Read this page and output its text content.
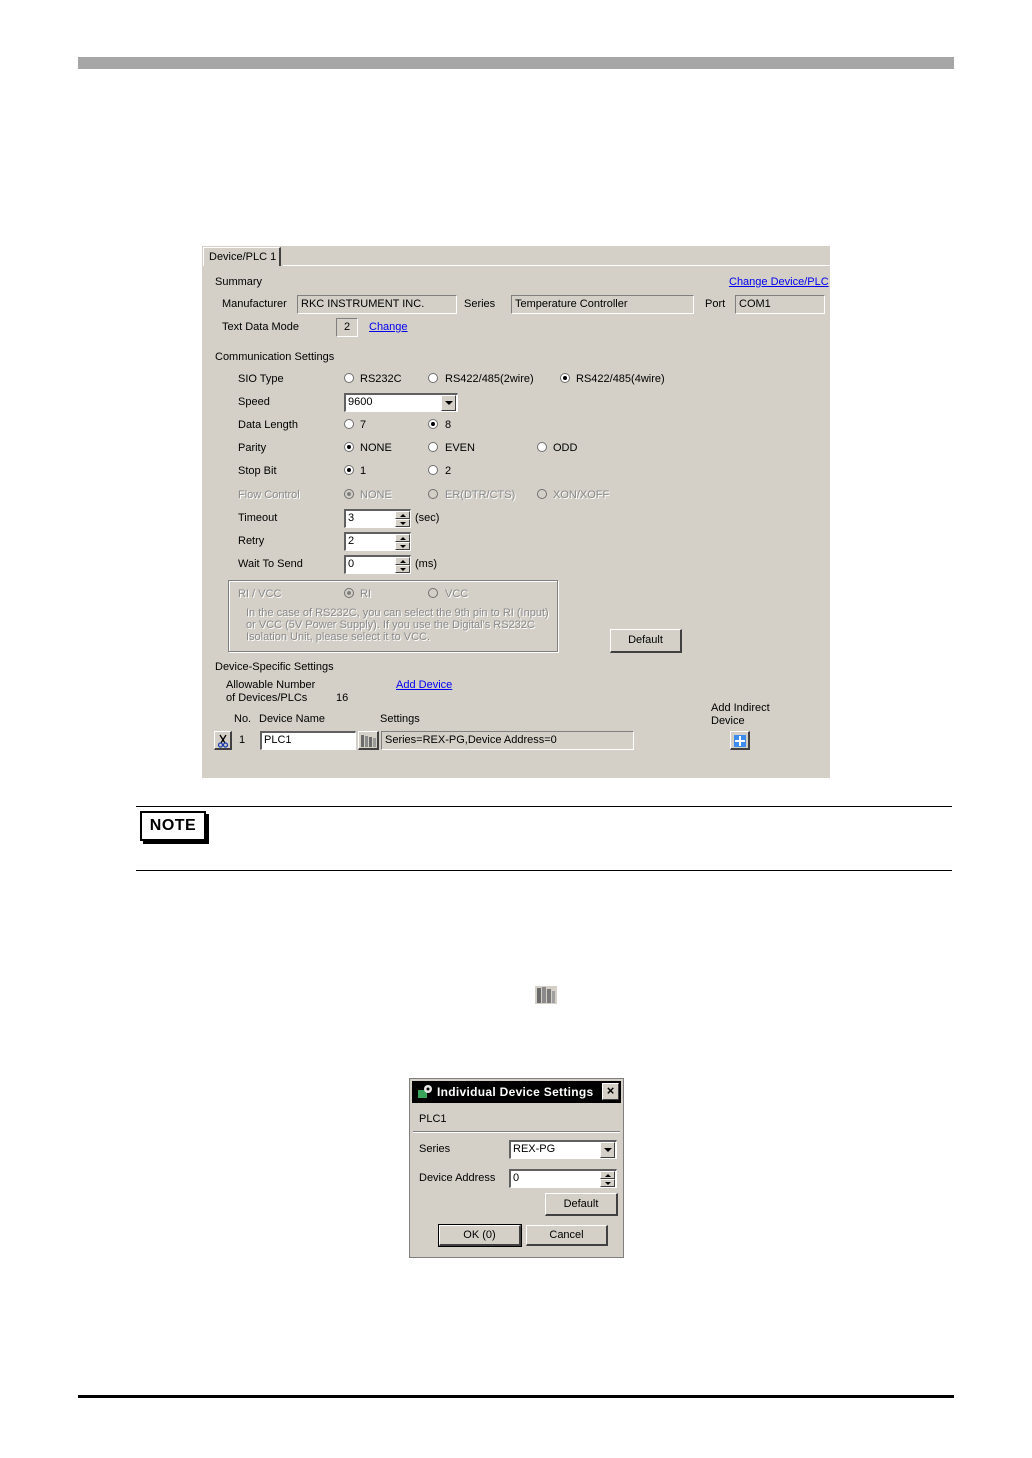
Device/PLC 1
Summary	Change Device/PLC
Manufacturer	RKC INSTRUMENT INC.	Series	Temperature Controller	Port	COM1
Text Data Mode	2	Change
Communication Settings
SIO Type	RS232C	RS422/485(2wire)	RS422/485(4wire)
Speed	9600
Data Length	7	8
Parity	NONE	EVEN	ODD
Stop Bit	1	2
Flow Control	NONE	ER(DTR/CTS)	XON/XOFF
Timeout	3	(sec)
Retry	2
Wait To Send	0	(ms)
RI / VCC	RI	VCC
In the case of RS232C, you can select the 9th pin to RI (Input)
or VCC (5V Power Supply). If you use the Digital's RS232C
Isolation Unit, please select it to VCC.	Default
Device-Specific Settings
Allowable Number
of Devices/PLCs	16
Add Device
No. Device Name	Settings
Add Indirect
Device
1	PLC1	Series=REX-PG,Device Address=0
NOTE
Individual Device Settings	×
PLC1
Series	REX-PG
Device Address	0
Default
OK (0)	Cancel
